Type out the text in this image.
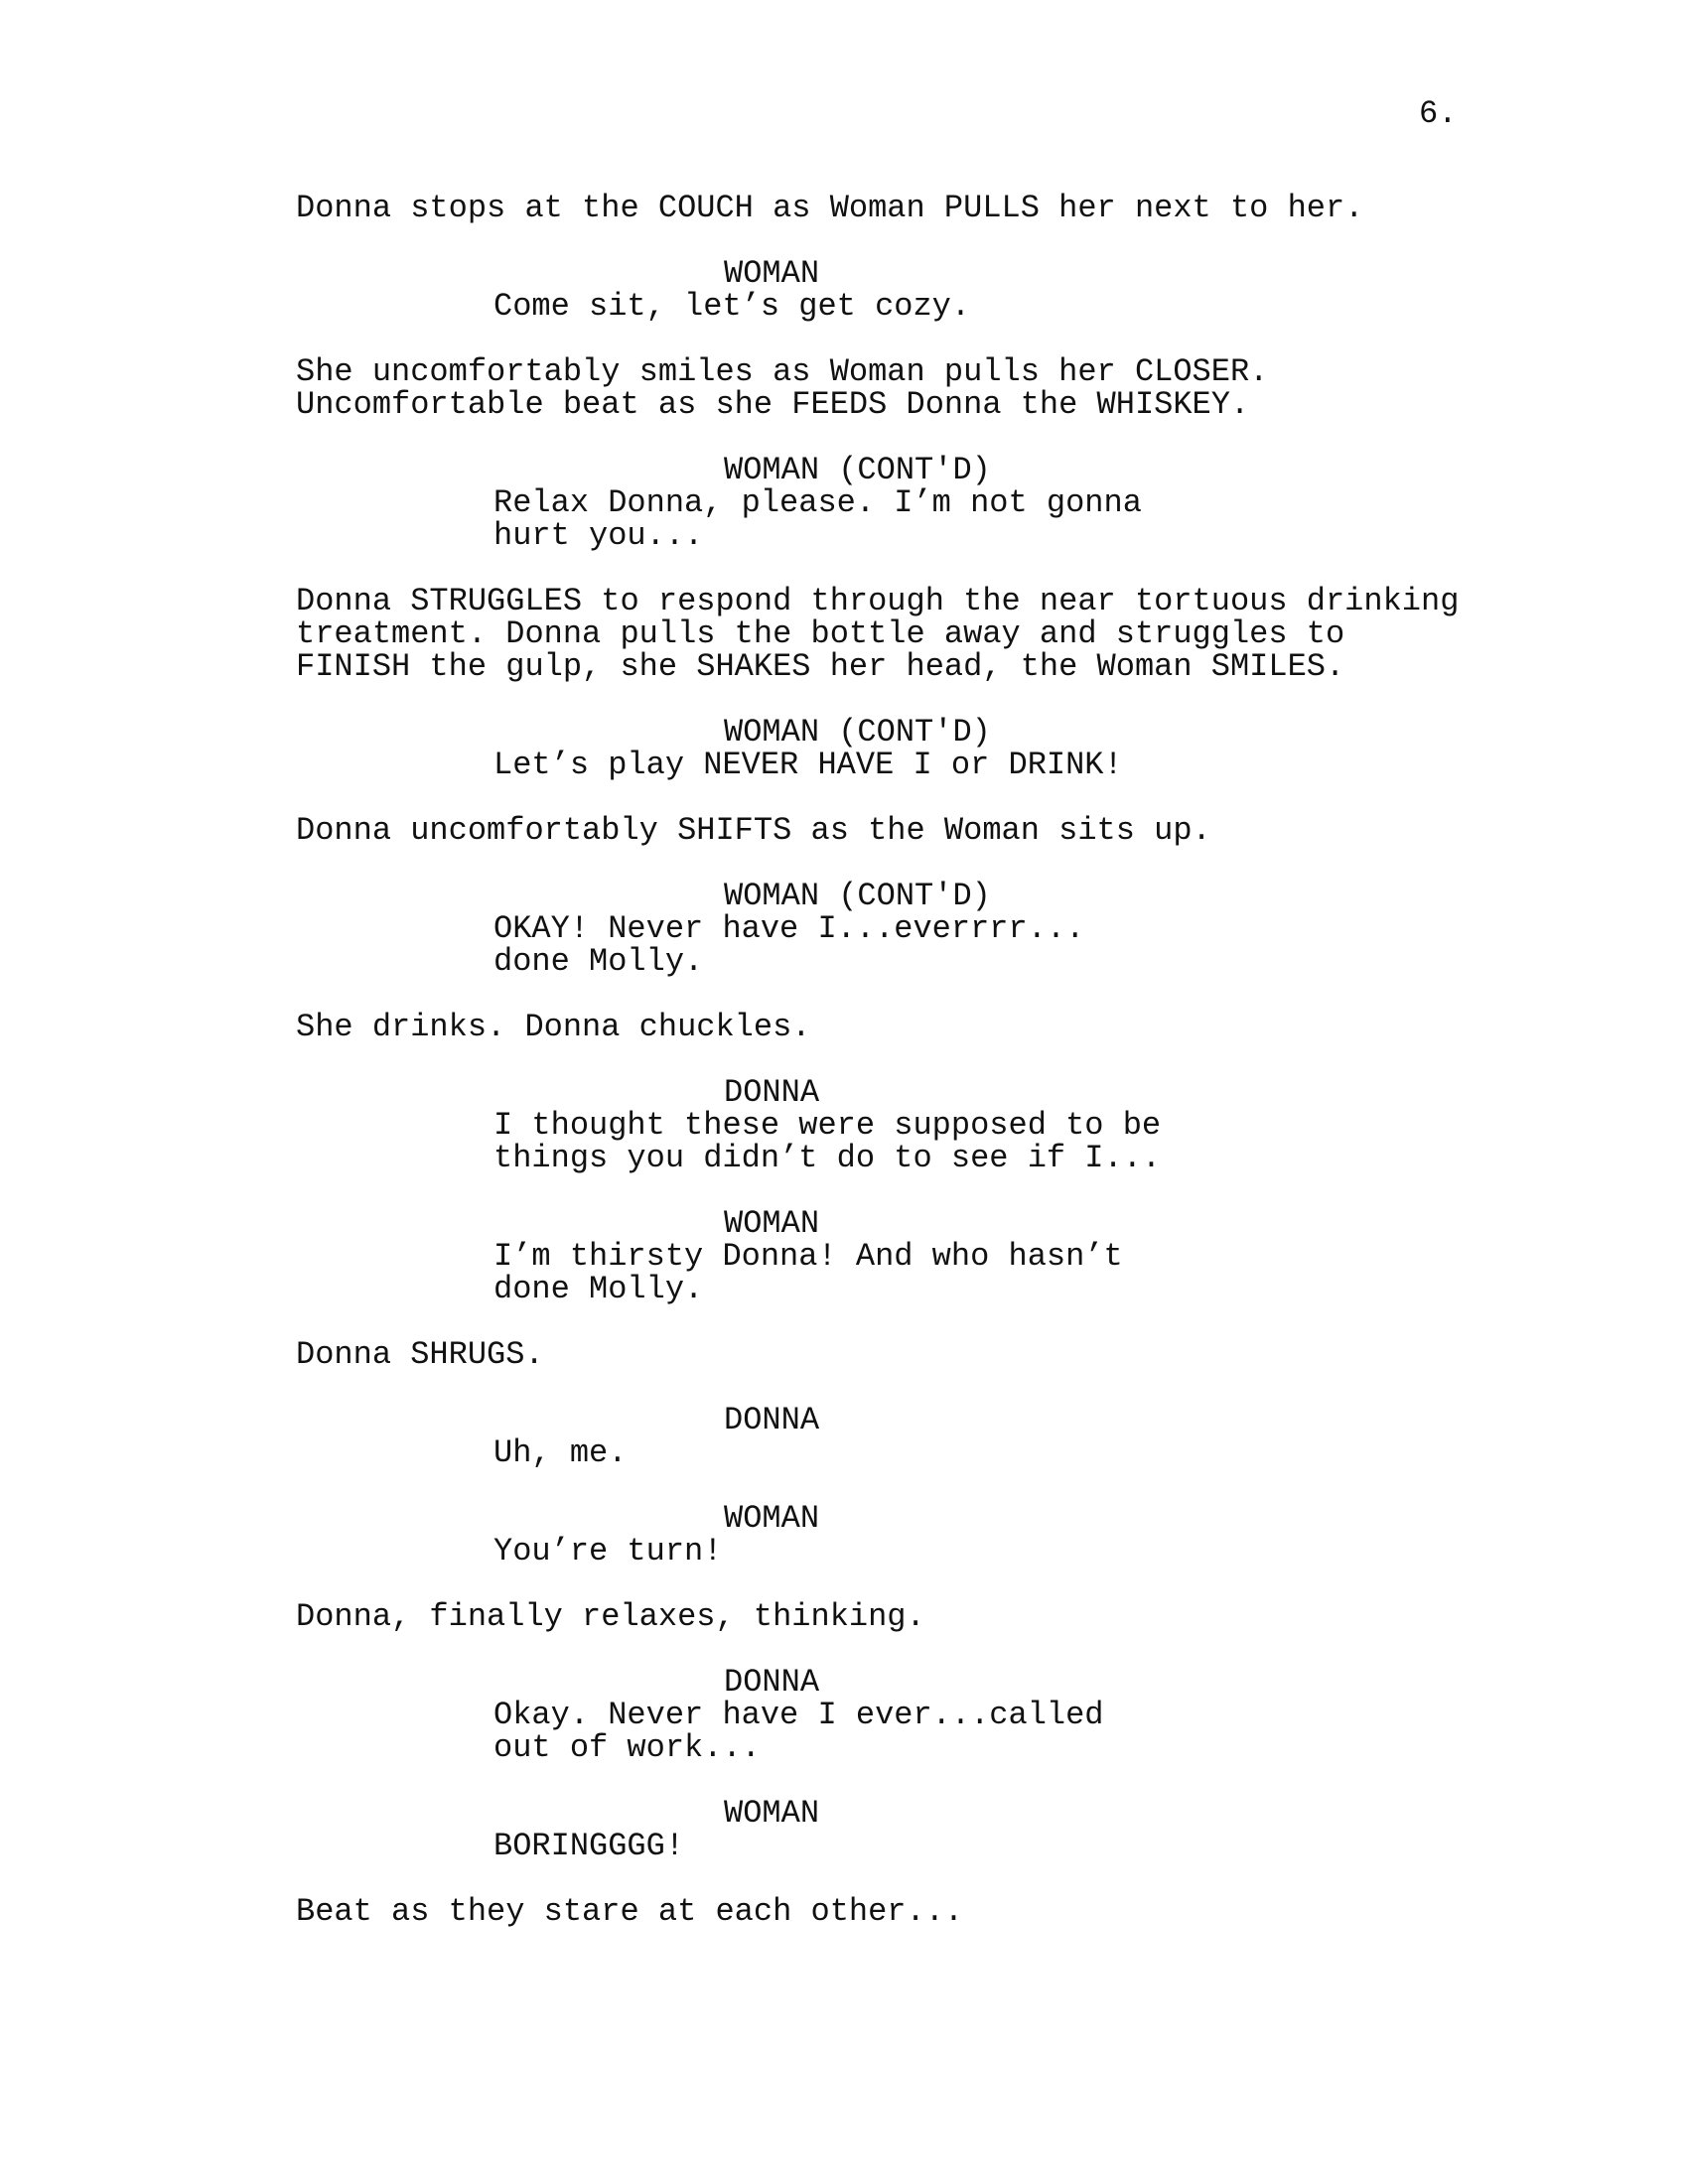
6.
Donna stops at the COUCH as Woman PULLS her next to her.
WOMAN
Come sit, let’s get cozy.
She uncomfortably smiles as Woman pulls her CLOSER.
Uncomfortable beat as she FEEDS Donna the WHISKEY.
WOMAN (CONT'D)
Relax Donna, please. I’m not gonna
hurt you...
Donna STRUGGLES to respond through the near tortuous drinking
treatment. Donna pulls the bottle away and struggles to
FINISH the gulp, she SHAKES her head, the Woman SMILES.
WOMAN (CONT'D)
Let’s play NEVER HAVE I or DRINK!
Donna uncomfortably SHIFTS as the Woman sits up.
WOMAN (CONT'D)
OKAY! Never have I...everrrr...
done Molly.
She drinks. Donna chuckles.
DONNA
I thought these were supposed to be
things you didn’t do to see if I...
WOMAN
I’m thirsty Donna! And who hasn’t
done Molly.
Donna SHRUGS.
DONNA
Uh, me.
WOMAN
You’re turn!
Donna, finally relaxes, thinking.
DONNA
Okay. Never have I ever...called
out of work...
WOMAN
BORINGGGG!
Beat as they stare at each other...
